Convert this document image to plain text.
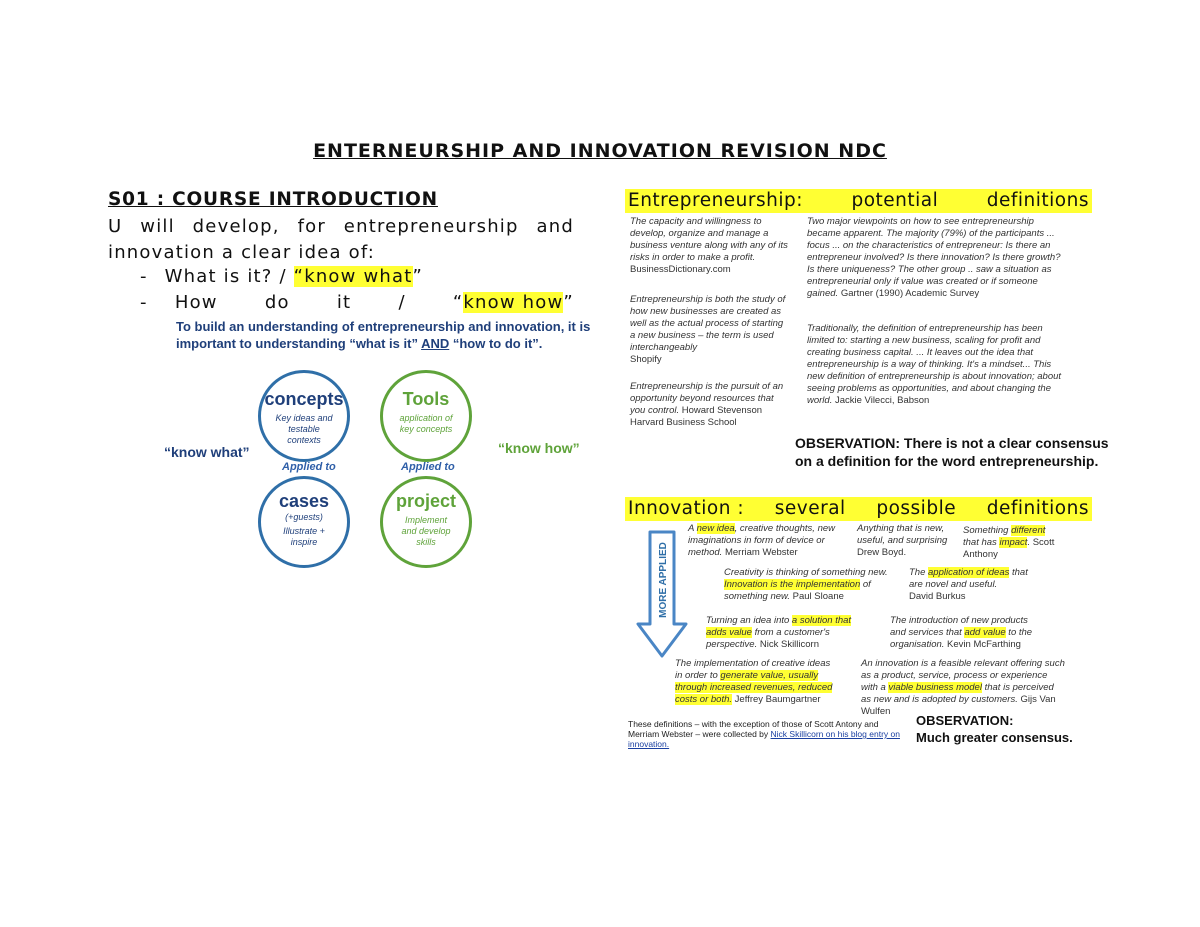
ENTERNEURSHIP AND INNOVATION REVISION NDC
S01 : COURSE INTRODUCTION
U will develop, for entrepreneurship and innovation a clear idea of:
- What is it? / “know what”
- How	do	it	/	“know how”
To build an understanding of entrepreneurship and innovation, it is
important to understanding “what is it” AND “how to do it”.
concepts
Key ideas and testable contexts
Tools
application of key concepts
cases
(+guests)
Illustrate + inspire
project
Implement and develop skills
“know what”	“know how”
Applied to	Applied to
Entrepreneurship:	potential	definitions
The capacity and willingness to develop, organize and manage a business venture along with any of its risks in order to make a profit.
BusinessDictionary.com
Entrepreneurship is both the study of how new businesses are created as well as the actual process of starting a new business – the term is used interchangeably
Shopify
Entrepreneurship is the pursuit of an opportunity beyond resources that you control. Howard Stevenson Harvard Business School
Two major viewpoints on how to see entrepreneurship became apparent. The majority (79%) of the participants ... focus ... on the characteristics of entrepreneur: Is there an entrepreneur involved? Is there innovation? Is there growth? Is there uniqueness? The other group .. saw a situation as entrepreneurial only if value was created or if someone gained. Gartner (1990) Academic Survey
Traditionally, the definition of entrepreneurship has been limited to: starting a new business, scaling for profit and creating business capital. ... It leaves out the idea that entrepreneurship is a way of thinking. It's a mindset... This new definition of entrepreneurship is about innovation; about seeing problems as opportunities, and about changing the world. Jackie Vilecci, Babson
OBSERVATION: There is not a clear consensus
on a definition for the word entrepreneurship.
Innovation : several possible definitions
MORE APPLIED
A new idea, creative thoughts, new imaginations in form of device or method. Merriam Webster
Anything that is new, useful, and surprising
Drew Boyd.
Something different that has impact. Scott Anthony
Creativity is thinking of something new. Innovation is the implementation of something new. Paul Sloane
The application of ideas that are novel and useful.
David Burkus
Turning an idea into a solution that adds value from a customer's perspective. Nick Skillicorn
The introduction of new products and services that add value to the organisation. Kevin McFarthing
The implementation of creative ideas in order to generate value, usually through increased revenues, reduced costs or both. Jeffrey Baumgartner
An innovation is a feasible relevant offering such as a product, service, process or experience with a viable business model that is perceived as new and is adopted by customers. Gijs Van Wulfen
These definitions – with the exception of those of Scott Antony and Merriam Webster – were collected by Nick Skillicorn on his blog entry on innovation.
OBSERVATION:
Much greater consensus.
